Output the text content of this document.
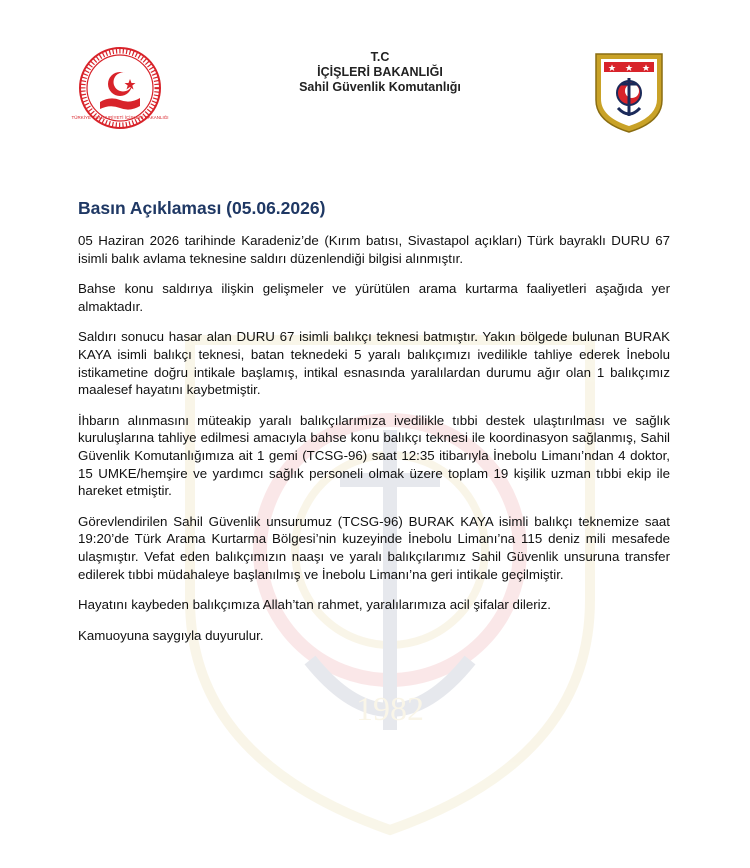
1982
TÜRKİYE CUMHURİYETİ İÇİŞLERİ BAKANLIĞI
T.C
İÇİŞLERİ BAKANLIĞI
Sahil Güvenlik Komutanlığı
Basın Açıklaması (05.06.2026)

05 Haziran 2026 tarihinde Karadeniz’de (Kırım batısı, Sivastapol açıkları) Türk bayraklı DURU 67 isimli balık avlama teknesine saldırı düzenlendiği bilgisi alınmıştır.

Bahse konu saldırıya ilişkin gelişmeler ve yürütülen arama kurtarma faaliyetleri aşağıda yer almaktadır.

Saldırı sonucu hasar alan DURU 67 isimli balıkçı teknesi batmıştır. Yakın bölgede bulunan BURAK KAYA isimli balıkçı teknesi, batan teknedeki 5 yaralı balıkçımızı ivedilikle tahliye ederek İnebolu istikametine doğru intikale başlamış, intikal esnasında yaralılardan durumu ağır olan 1 balıkçımız maalesef hayatını kaybetmiştir.

İhbarın alınmasını müteakip yaralı balıkçılarımıza ivedilikle tıbbi destek ulaştırılması ve sağlık kuruluşlarına tahliye edilmesi amacıyla bahse konu balıkçı teknesi ile koordinasyon sağlanmış, Sahil Güvenlik Komutanlığımıza ait 1 gemi (TCSG-96) saat 12:35 itibarıyla İnebolu Limanı’ndan 4 doktor, 15 UMKE/hemşire ve yardımcı sağlık personeli olmak üzere toplam 19 kişilik uzman tıbbi ekip ile hareket etmiştir.

Görevlendirilen Sahil Güvenlik unsurumuz (TCSG-96) BURAK KAYA isimli balıkçı teknemize saat 19:20’de Türk Arama Kurtarma Bölgesi’nin kuzeyinde İnebolu Limanı’na 115 deniz mili mesafede ulaşmıştır. Vefat eden balıkçımızın naaşı ve yaralı balıkçılarımız Sahil Güvenlik unsuruna transfer edilerek tıbbi müdahaleye başlanılmış ve İnebolu Limanı’na geri intikale geçilmiştir.

Hayatını kaybeden balıkçımıza Allah’tan rahmet, yaralılarımıza acil şifalar dileriz.

Kamuoyuna saygıyla duyurulur.
